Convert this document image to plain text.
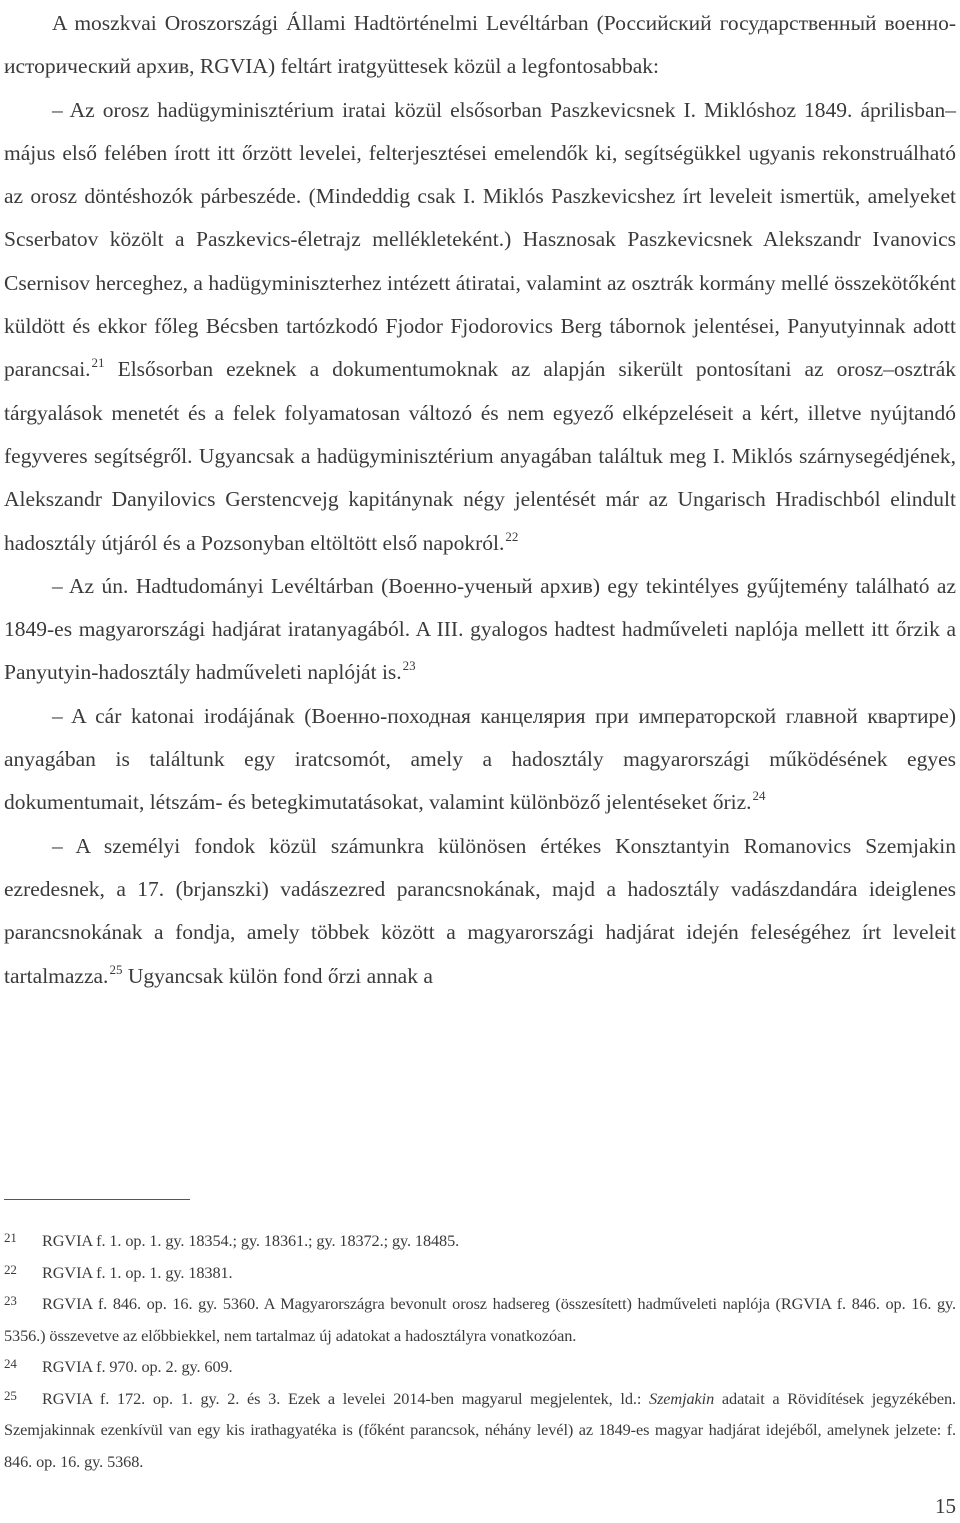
A moszkvai Oroszországi Állami Hadtörténelmi Levéltárban (Российский государственный военно-исторический архив, RGVIA) feltárt iratgyüttesek közül a legfontosabbak:

– Az orosz hadügyminisztérium iratai közül elsősorban Paszkevicsnek I. Miklóshoz 1849. áprilisban–május első felében írott itt őrzött levelei, felterjesztései emelendők ki, segítségükkel ugyanis rekonstruálható az orosz döntéshozók párbeszéde. (Mindeddig csak I. Miklós Paszkevicshez írt leveleit ismertük, amelyeket Scserbatov közölt a Paszkevics-életrajz mellékleteként.) Hasznosak Paszkevicsnek Alekszandr Ivanovics Csernisov herceghez, a hadügyminiszterhez intézett átiratai, valamint az osztrák kormány mellé összekötőként küldött és ekkor főleg Bécsben tartózkodó Fjodor Fjodorovics Berg tábornok jelentései, Panyutyinnak adott parancsai.$^{21}$ Elsősorban ezeknek a dokumentumoknak az alapján sikerült pontosítani az orosz–osztrák tárgyalások menetét és a felek folyamatosan változó és nem egyező elképzeléseit a kért, illetve nyújtandó fegyveres segítségről. Ugyancsak a hadügyminisztérium anyagában találtuk meg I. Miklós szárnysegédjének, Alekszandr Danyilovics Gerstencvejg kapitánynak négy jelentését már az Ungarisch Hradischból elindult hadosztály útjáról és a Pozsonyban eltöltött első napokról.$^{22}$

– Az ún. Hadtudományi Levéltárban (Военно-ученый архив) egy tekintélyes gyűjtemény található az 1849-es magyarországi hadjárat iratanyagából. A III. gyalogos hadtest hadműveleti naplója mellett itt őrzik a Panyutyin-hadosztály hadműveleti naplóját is.$^{23}$

– A cár katonai irodájának (Военно-походная канцелярия при императорской главной квартире) anyagában is találtunk egy iratcsomót, amely a hadosztály magyarországi működésének egyes dokumentumait, létszám- és betegkimutatásokat, valamint különböző jelentéseket őriz.$^{24}$

– A személyi fondok közül számunkra különösen értékes Konsztantyin Romanovics Szemjakin ezredesnek, a 17. (brjanszki) vadászezred parancsnokának, majd a hadosztály vadászdandára ideiglenes parancsnokának a fondja, amely többek között a magyarországi hadjárat idején feleségéhez írt leveleit tartalmazza.$^{25}$ Ugyancsak külön fond őrzi annak a

21 RGVIA f. 1. op. 1. gy. 18354.; gy. 18361.; gy. 18372.; gy. 18485.

22 RGVIA f. 1. op. 1. gy. 18381.

23 RGVIA f. 846. op. 16. gy. 5360. A Magyarországra bevonult orosz hadsereg (összesített) hadműveleti naplója (RGVIA f. 846. op. 16. gy. 5356.) összevetve az előbbiekkel, nem tartalmaz új adatokat a hadosztályra vonatkozóan.

24 RGVIA f. 970. op. 2. gy. 609.

25 RGVIA f. 172. op. 1. gy. 2. és 3. Ezek a levelei 2014-ben magyarul megjelentek, ld.: Szemjakin adatait a Rövidítések jegyzékében. Szemjakinnak ezenkívül van egy kis irathagyatéka is (főként parancsok, néhány levél) az 1849-es magyar hadjárat idejéből, amelynek jelzete: f. 846. op. 16. gy. 5368.

15
